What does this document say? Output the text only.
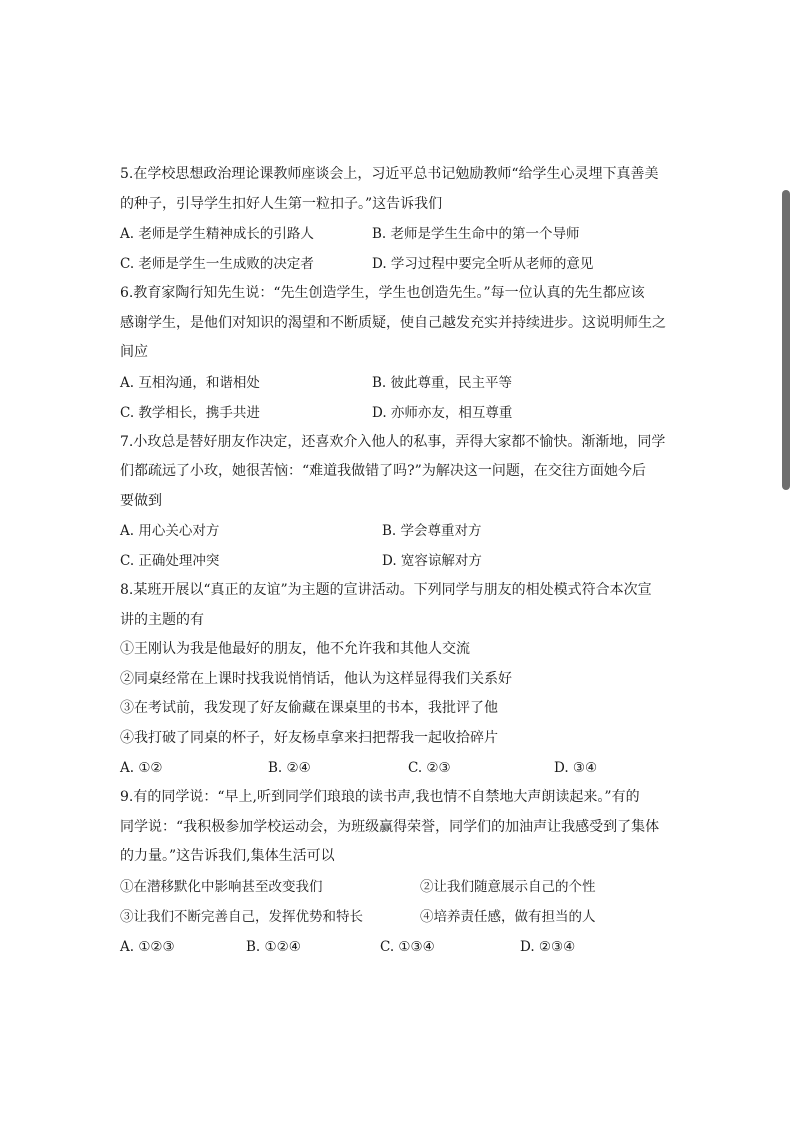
5.在学校思想政治理论课教师座谈会上，习近平总书记勉励教师“给学生心灵埋下真善美
的种子，引导学生扣好人生第一粒扣子。”这告诉我们
A. 老师是学生精神成长的引路人	B. 老师是学生生命中的第一个导师
C. 老师是学生一生成败的决定者	D. 学习过程中要完全听从老师的意见
6.教育家陶行知先生说：“先生创造学生，学生也创造先生。”每一位认真的先生都应该
感谢学生，是他们对知识的渴望和不断质疑，使自己越发充实并持续进步。这说明师生之
间应
A. 互相沟通，和谐相处	B. 彼此尊重，民主平等
C. 教学相长，携手共进	D. 亦师亦友，相互尊重
7.小玫总是替好朋友作决定，还喜欢介入他人的私事，弄得大家都不愉快。渐渐地，同学
们都疏远了小玫，她很苦恼：“难道我做错了吗?”为解决这一问题，在交往方面她今后
要做到
A. 用心关心对方	B. 学会尊重对方
C. 正确处理冲突	D. 宽容谅解对方
8.某班开展以“真正的友谊”为主题的宣讲活动。下列同学与朋友的相处模式符合本次宣
讲的主题的有
①王刚认为我是他最好的朋友，他不允许我和其他人交流
②同桌经常在上课时找我说悄悄话，他认为这样显得我们关系好
③在考试前，我发现了好友偷藏在课桌里的书本，我批评了他
④我打破了同桌的杯子，好友杨卓拿来扫把帮我一起收拾碎片
A. ①②	B. ②④	C. ②③	D. ③④
9.有的同学说：“早上,听到同学们琅琅的读书声,我也情不自禁地大声朗读起来。”有的
同学说：“我积极参加学校运动会，为班级赢得荣誉，同学们的加油声让我感受到了集体
的力量。”这告诉我们,集体生活可以
①在潜移默化中影响甚至改变我们	②让我们随意展示自己的个性
③让我们不断完善自己，发挥优势和特长	④培养责任感，做有担当的人
A. ①②③	B. ①②④	C. ①③④	D. ②③④
